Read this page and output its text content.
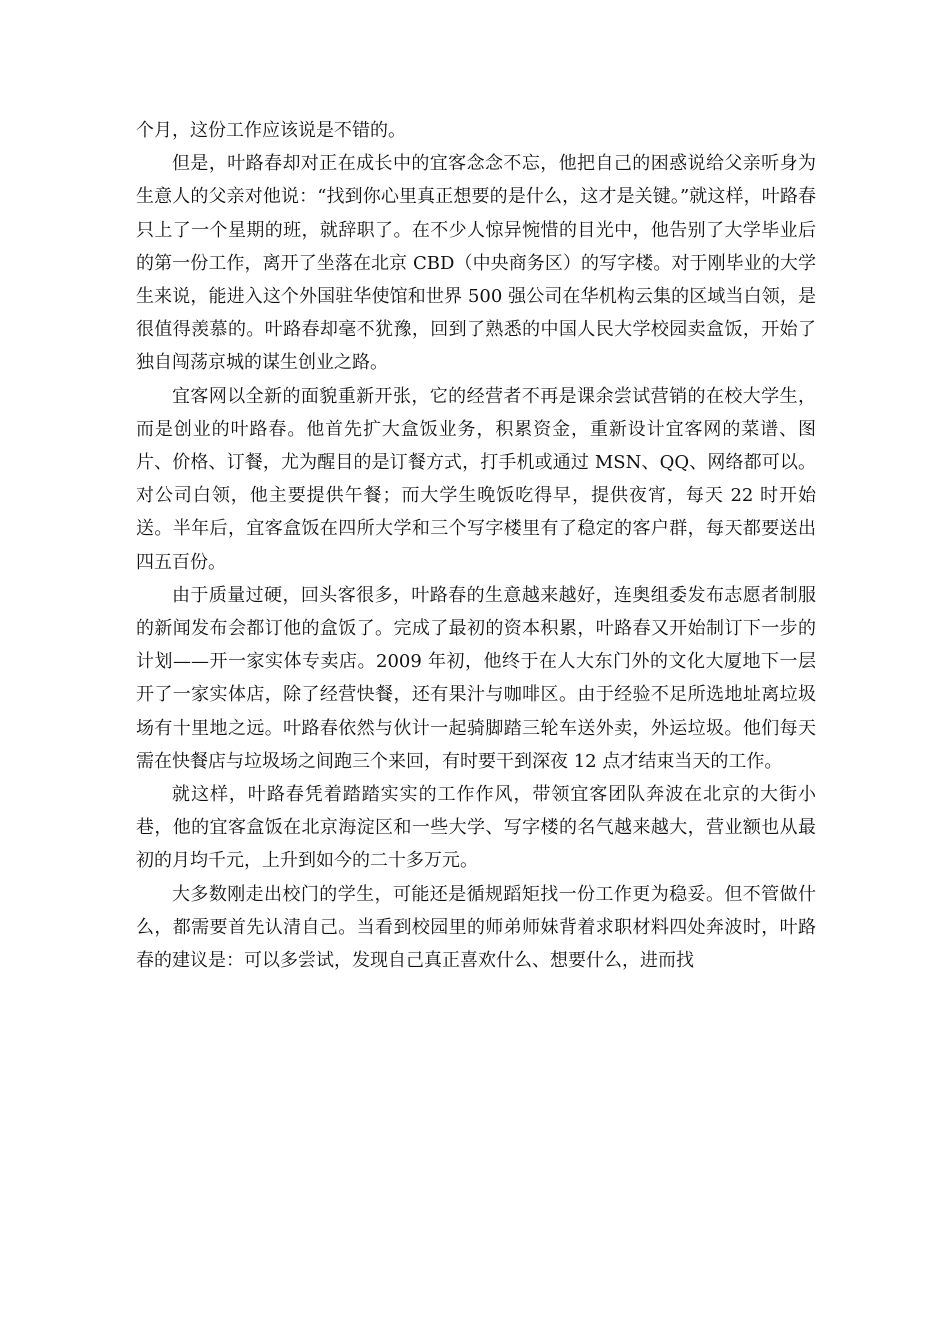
个月，这份工作应该说是不错的。

但是，叶路春却对正在成长中的宜客念念不忘，他把自己的困惑说给父亲听身为生意人的父亲对他说：“找到你心里真正想要的是什么，这才是关键。”就这样，叶路春只上了一个星期的班，就辞职了。在不少人惊异惋惜的目光中，他告别了大学毕业后的第一份工作，离开了坐落在北京 CBD（中央商务区）的写字楼。对于刚毕业的大学生来说，能进入这个外国驻华使馆和世界 500 强公司在华机构云集的区域当白领，是很值得羡慕的。叶路春却毫不犹豫，回到了熟悉的中国人民大学校园卖盒饭，开始了独自闯荡京城的谋生创业之路。

宜客网以全新的面貌重新开张，它的经营者不再是课余尝试营销的在校大学生，而是创业的叶路春。他首先扩大盒饭业务，积累资金，重新设计宜客网的菜谱、图片、价格、订餐，尤为醒目的是订餐方式，打手机或通过 MSN、QQ、网络都可以。对公司白领，他主要提供午餐；而大学生晚饭吃得早，提供夜宵，每天 22 时开始送。半年后，宜客盒饭在四所大学和三个写字楼里有了稳定的客户群，每天都要送出四五百份。

由于质量过硬，回头客很多，叶路春的生意越来越好，连奥组委发布志愿者制服的新闻发布会都订他的盒饭了。完成了最初的资本积累，叶路春又开始制订下一步的计划——开一家实体专卖店。2009 年初，他终于在人大东门外的文化大厦地下一层开了一家实体店，除了经营快餐，还有果汁与咖啡区。由于经验不足所选地址离垃圾场有十里地之远。叶路春依然与伙计一起骑脚踏三轮车送外卖，外运垃圾。他们每天需在快餐店与垃圾场之间跑三个来回，有时要干到深夜 12 点才结束当天的工作。

就这样，叶路春凭着踏踏实实的工作作风，带领宜客团队奔波在北京的大街小巷，他的宜客盒饭在北京海淀区和一些大学、写字楼的名气越来越大，营业额也从最初的月均千元，上升到如今的二十多万元。

大多数刚走出校门的学生，可能还是循规蹈矩找一份工作更为稳妥。但不管做什么，都需要首先认清自己。当看到校园里的师弟师妹背着求职材料四处奔波时，叶路春的建议是：可以多尝试，发现自己真正喜欢什么、想要什么，进而找
